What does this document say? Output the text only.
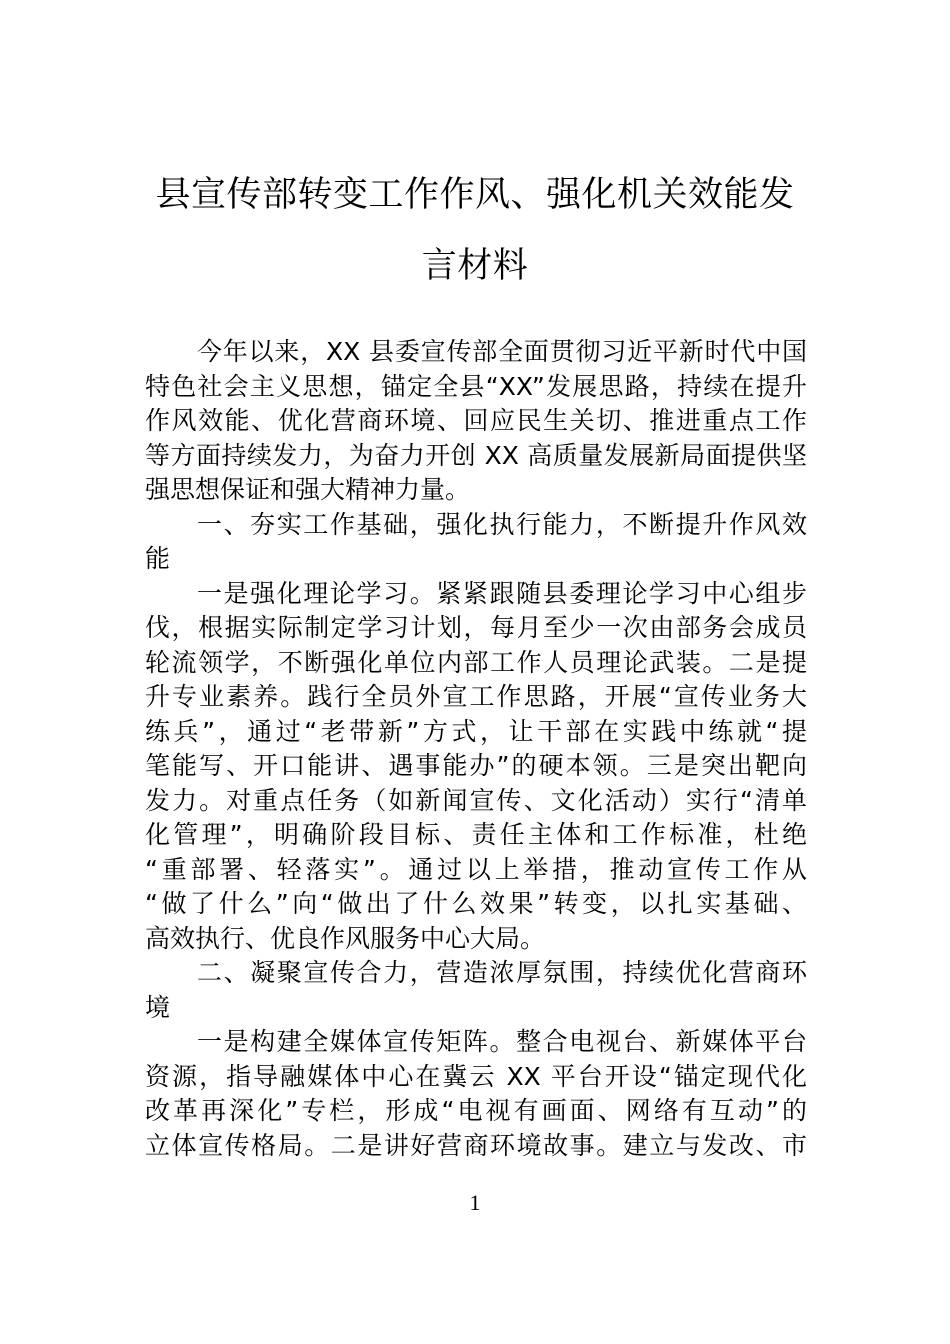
县宣传部转变工作作风、强化机关效能发
言材料
今年以来，XX 县委宣传部全面贯彻习近平新时代中国
特色社会主义思想，锚定全县“XX”发展思路，持续在提升
作风效能、优化营商环境、回应民生关切、推进重点工作
等方面持续发力，为奋力开创 XX 高质量发展新局面提供坚
强思想保证和强大精神力量。
一、夯实工作基础，强化执行能力，不断提升作风效
能
一是强化理论学习。紧紧跟随县委理论学习中心组步
伐，根据实际制定学习计划，每月至少一次由部务会成员
轮流领学，不断强化单位内部工作人员理论武装。二是提
升专业素养。践行全员外宣工作思路，开展“宣传业务大
练兵”，通过“老带新”方式，让干部在实践中练就“提
笔能写、开口能讲、遇事能办”的硬本领。三是突出靶向
发力。对重点任务（如新闻宣传、文化活动）实行“清单
化管理”，明确阶段目标、责任主体和工作标准，杜绝
“重部署、轻落实”。通过以上举措，推动宣传工作从
“做了什么”向“做出了什么效果”转变，以扎实基础、
高效执行、优良作风服务中心大局。
二、凝聚宣传合力，营造浓厚氛围，持续优化营商环
境
一是构建全媒体宣传矩阵。整合电视台、新媒体平台
资源，指导融媒体中心在冀云 XX 平台开设“锚定现代化
改革再深化”专栏，形成“电视有画面、网络有互动”的
立体宣传格局。二是讲好营商环境故事。建立与发改、市
1
